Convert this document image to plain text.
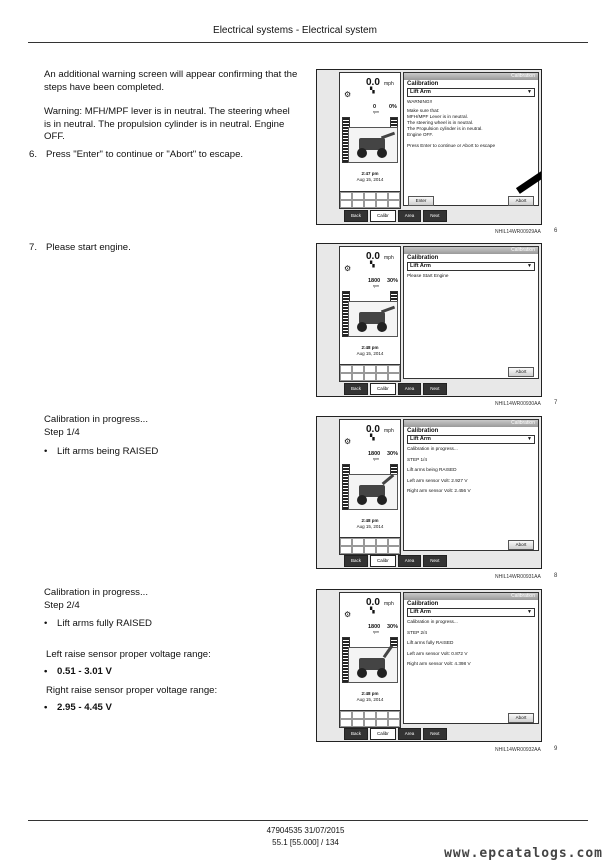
Electrical systems - Electrical system
An additional warning screen will appear confirming that the steps have been completed.
Warning: MFH/MPF lever is in neutral. The steering wheel is in neutral. The propulsion cylinder is in neutral. Engine OFF.
6. Press "Enter" to continue or "Abort" to escape.
7. Please start engine.
Calibration in progress...
Step 1/4
• Lift arms being RAISED
Calibration in progress...
Step 2/4
• Lift arms fully RAISED
Left raise sensor proper voltage range:
• 0.51 - 3.01 V
Right raise sensor proper voltage range:
• 2.95 - 4.45 V
0.0 mph
⚙	▚
0 0%
rpm
2:47 pm
Aug 15, 2014
Calibration
Calibration
Lift Arm	▼
WARNING!!
Make sure that:
MFH/MPF Lever is in neutral.
The steering wheel is in neutral.
The Propulsion cylinder is in neutral.
Engine OFF.
Press Enter to continue or Abort to escape
Enter	Abort
Back	Calibr	Area	Next
NHIL14WR00929AA 6
0.0 mph
⚙	▚
1800 30%
rpm
2:48 pm
Aug 15, 2014
Calibration
Calibration
Lift Arm	▼
Please Start Engine
Abort
Back	Calibr	Area	Next
NHIL14WR00930AA 7
0.0 mph
⚙	▚
1800 30%
rpm
2:48 pm
Aug 15, 2014
Calibration
Calibration
Lift Arm	▼
Calibration in progress...
STEP 1/4
Lift arms being RAISED
Left arm sensor Volt: 2.927 V
Right arm sensor Volt: 2.456 V
Abort
Back	Calibr	Area	Next
NHIL14WR00931AA 8
0.0 mph
⚙	▚
1800 30%
rpm
2:48 pm
Aug 15, 2014
Calibration
Calibration
Lift Arm	▼
Calibration in progress...
STEP 2/4
Lift arms fully RAISED
Left arm sensor Volt: 0.872 V
Right arm sensor Volt: 4.398 V
Abort
Back	Calibr	Area	Next
NHIL14WR00932AA 9
47904535 31/07/2015
55.1 [55.000] / 134
www.epcatalogs.com
